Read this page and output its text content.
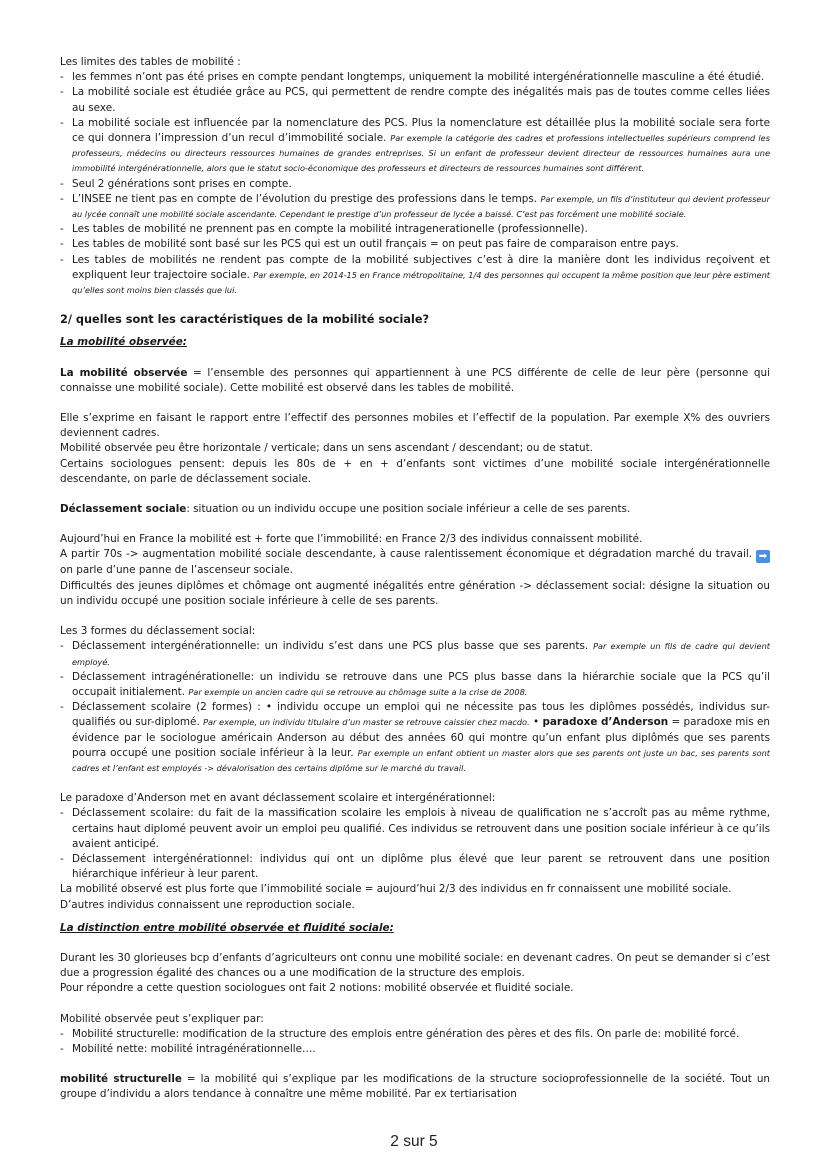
Les limites des tables de mobilité :

- les femmes n’ont pas été prises en compte pendant longtemps, uniquement la mobilité intergénérationnelle masculine a été étudié.
- La mobilité sociale est étudiée grâce au PCS, qui permettent de rendre compte des inégalités mais pas de toutes comme celles liées au sexe.
- La mobilité sociale est influencée par la nomenclature des PCS. Plus la nomenclature est détaillée plus la mobilité sociale sera forte ce qui donnera l’impression d’un recul d’immobilité sociale. Par exemple la catégorie des cadres et professions intellectuelles supérieurs comprend les professeurs, médecins ou directeurs ressources humaines de grandes entreprises. Si un enfant de professeur devient directeur de ressources humaines aura une immobilité intergénérationnelle, alors que le statut socio-économique des professeurs et directeurs de ressources humaines sont différent.
- Seul 2 générations sont prises en compte.
- L’INSEE ne tient pas en compte de l’évolution du prestige des professions dans le temps. Par exemple, un fils d’instituteur qui devient professeur au lycée connaît une mobilité sociale ascendante. Cependant le prestige d’un professeur de lycée a baissé. C’est pas forcément une mobilité sociale.
- Les tables de mobilité ne prennent pas en compte la mobilité intragenerationelle (professionnelle).
- Les tables de mobilité sont basé sur les PCS qui est un outil français = on peut pas faire de comparaison entre pays.
- Les tables de mobilités ne rendent pas compte de la mobilité subjectives c’est à dire la manière dont les individus reçoivent et expliquent leur trajectoire sociale. Par exemple, en 2014-15 en France métropolitaine, 1/4 des personnes qui occupent la même position que leur père estiment qu’elles sont moins bien classés que lui.

2/ quelles sont les caractéristiques de la mobilité sociale?

La mobilité observée:

La mobilité observée = l’ensemble des personnes qui appartiennent à une PCS différente de celle de leur père (personne qui connaisse une mobilité sociale). Cette mobilité est observé dans les tables de mobilité.

Elle s’exprime en faisant le rapport entre l’effectif des personnes mobiles et l’effectif de la population. Par exemple X% des ouvriers deviennent cadres.

Mobilité observée peu être horizontale / verticale; dans un sens ascendant / descendant; ou de statut.

Certains sociologues pensent: depuis les 80s de + en + d’enfants sont victimes d’une mobilité sociale intergénérationnelle descendante, on parle de déclassement sociale.

Déclassement sociale: situation ou un individu occupe une position sociale inférieur a celle de ses parents.

Aujourd’hui en France la mobilité est + forte que l’immobilité: en France 2/3 des individus connaissent mobilité.

A partir 70s -> augmentation mobilité sociale descendante, à cause ralentissement économique et dégradation marché du travail. ➡on parle d’une panne de l’ascenseur sociale.

Difficultés des jeunes diplômes et chômage ont augmenté inégalités entre génération -> déclassement social: désigne la situation ou un individu occupé une position sociale inférieure à celle de ses parents.

Les 3 formes du déclassement social:

- Déclassement intergénérationnelle: un individu s’est dans une PCS plus basse que ses parents. Par exemple un fils de cadre qui devient employé.
- Déclassement intragénérationelle: un individu se retrouve dans une PCS plus basse dans la hiérarchie sociale que la PCS qu’il occupait initialement. Par exemple un ancien cadre qui se retrouve au chômage suite a la crise de 2008.
- Déclassement scolaire (2 formes) : • individu occupe un emploi qui ne nécessite pas tous les diplômes possédés, individus sur-qualifiés ou sur-diplomé. Par exemple, un individu titulaire d’un master se retrouve caissier chez macdo. • paradoxe d’Anderson = paradoxe mis en évidence par le sociologue américain Anderson au début des années 60 qui montre qu’un enfant plus diplômés que ses parents pourra occupé une position sociale inférieur à la leur. Par exemple un enfant obtient un master alors que ses parents ont juste un bac, ses parents sont cadres et l’enfant est employés -> dévalorisation des certains diplôme sur le marché du travail.

Le paradoxe d’Anderson met en avant déclassement scolaire et intergénérationnel:

- Déclassement scolaire: du fait de la massification scolaire les emplois à niveau de qualification ne s’accroît pas au même rythme, certains haut diplomé peuvent avoir un emploi peu qualifié. Ces individus se retrouvent dans une position sociale inférieur à ce qu’ils avaient anticipé.
- Déclassement intergénérationnel: individus qui ont un diplôme plus élevé que leur parent se retrouvent dans une position hiérarchique inférieur à leur parent.

La mobilité observé est plus forte que l’immobilité sociale = aujourd’hui 2/3 des individus en fr connaissent une mobilité sociale.

D’autres individus connaissent une reproduction sociale.

La distinction entre mobilité observée et fluidité sociale:

Durant les 30 glorieuses bcp d’enfants d’agriculteurs ont connu une mobilité sociale: en devenant cadres. On peut se demander si c’est due a progression égalité des chances ou a une modification de la structure des emplois.

Pour répondre a cette question sociologues ont fait 2 notions: mobilité observée et fluidité sociale.

Mobilité observée peut s’expliquer par:

- Mobilité structurelle: modification de la structure des emplois entre génération des pères et des fils. On parle de: mobilité forcé.
- Mobilité nette: mobilité intragénérationnelle….

mobilité structurelle = la mobilité qui s’explique par les modifications de la structure socioprofessionnelle de la société. Tout un groupe d’individu a alors tendance à connaître une même mobilité. Par ex tertiarisation

2 sur 5
